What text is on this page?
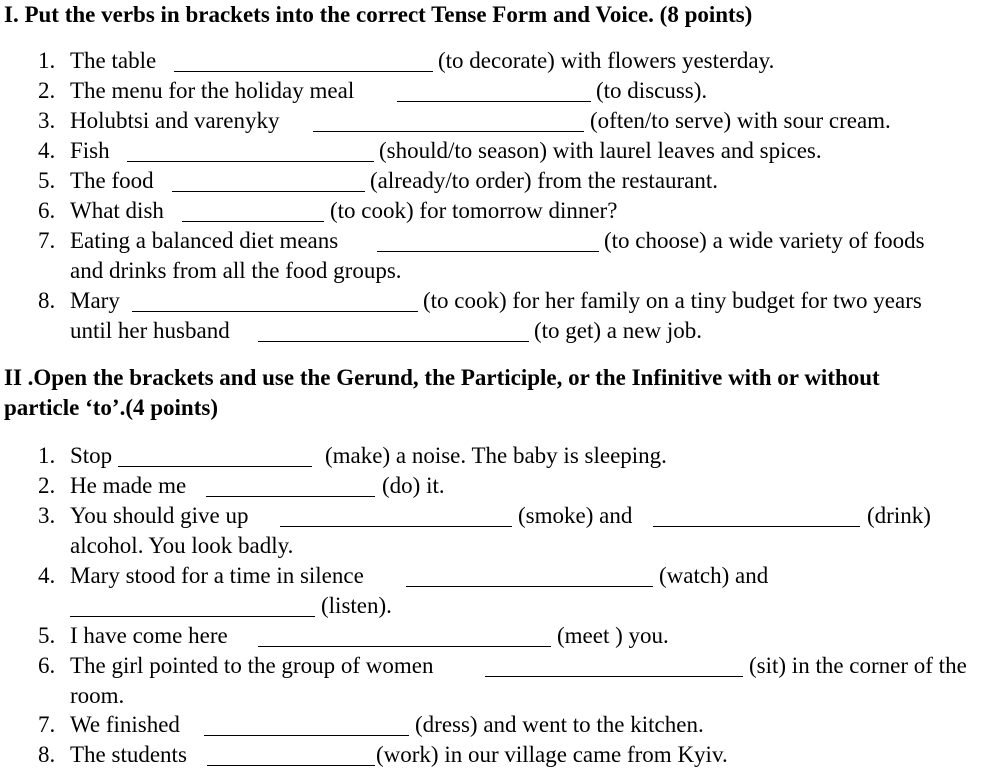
I. Put the verbs in brackets into the correct Tense Form and Voice. (8 points)
1. The table	(to decorate) with flowers yesterday.
2. The menu for the holiday meal	(to discuss).
3. Holubtsi and varenyky	(often/to serve) with sour cream.
4. Fish	(should/to season) with laurel leaves and spices.
5. The food	(already/to order) from the restaurant.
6. What dish	(to cook) for tomorrow dinner?
7. Eating a balanced diet means	(to choose) a wide variety of foods
and drinks from all the food groups.
8. Mary	(to cook) for her family on a tiny budget for two years
until her husband	(to get) a new job.
II .Open the brackets and use the Gerund, the Participle, or the Infinitive with or without
particle ‘to’.(4 points)
1. Stop	(make) a noise. The baby is sleeping.
2. He made me	(do) it.
3. You should give up	(smoke) and	(drink)
alcohol. You look badly.
4. Mary stood for a time in silence	(watch) and
(listen).
5. I have come here	(meet ) you.
6. The girl pointed to the group of women	(sit) in the corner of the
room.
7. We finished	(dress) and went to the kitchen.
8. The students	(work) in our village came from Kyiv.
